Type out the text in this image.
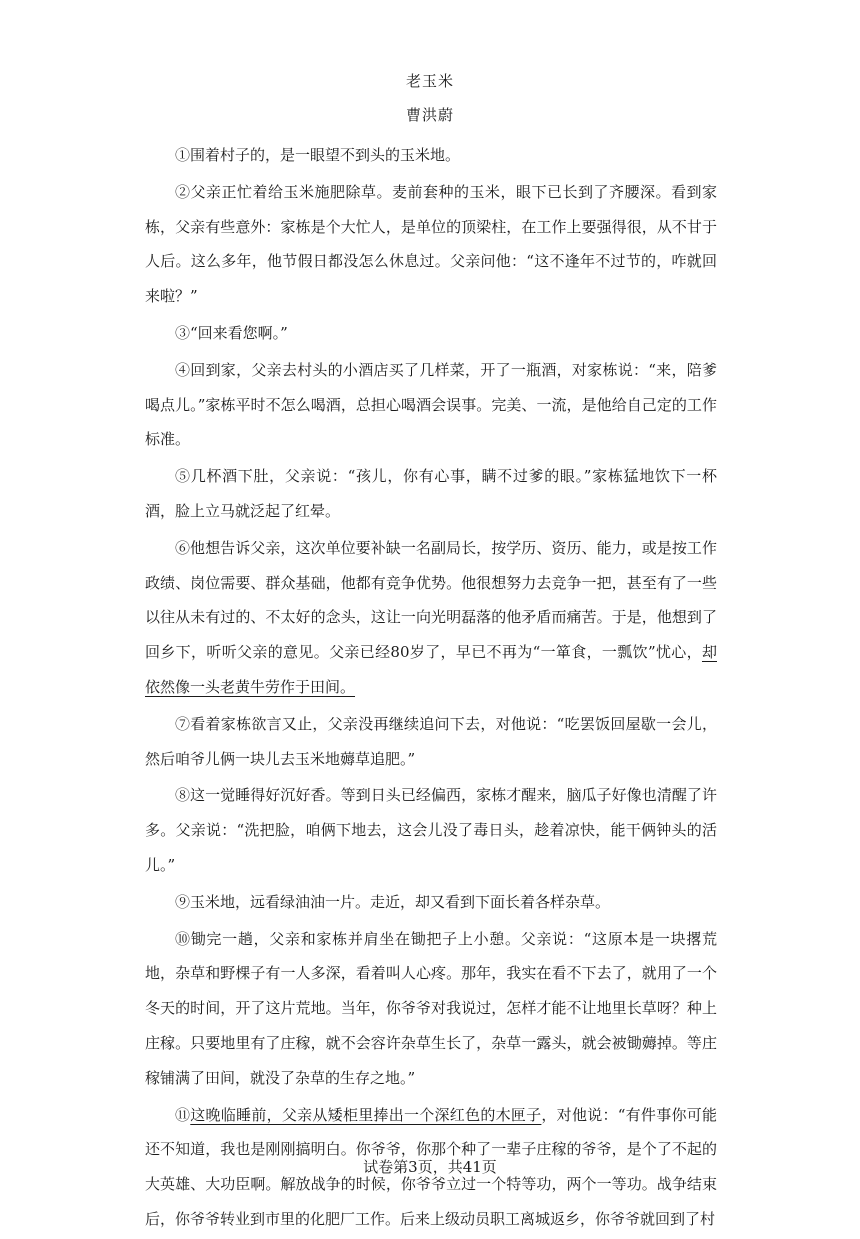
老玉米
曹洪蔚

①围着村子的，是一眼望不到头的玉米地。

②父亲正忙着给玉米施肥除草。麦前套种的玉米，眼下已长到了齐腰深。看到家栋，父亲有些意外：家栋是个大忙人，是单位的顶梁柱，在工作上要强得很，从不甘于人后。这么多年，他节假日都没怎么休息过。父亲问他：“这不逢年不过节的，咋就回来啦？”

③“回来看您啊。”

④回到家，父亲去村头的小酒店买了几样菜，开了一瓶酒，对家栋说：“来，陪爹喝点儿。”家栋平时不怎么喝酒，总担心喝酒会误事。完美、一流，是他给自己定的工作标准。

⑤几杯酒下肚，父亲说：“孩儿，你有心事，瞒不过爹的眼。”家栋猛地饮下一杯酒，脸上立马就泛起了红晕。

⑥他想告诉父亲，这次单位要补缺一名副局长，按学历、资历、能力，或是按工作政绩、岗位需要、群众基础，他都有竞争优势。他很想努力去竞争一把，甚至有了一些以往从未有过的、不太好的念头，这让一向光明磊落的他矛盾而痛苦。于是，他想到了回乡下，听听父亲的意见。父亲已经80岁了，早已不再为“一箪食，一瓢饮”忧心，却依然像一头老黄牛劳作于田间。

⑦看着家栋欲言又止，父亲没再继续追问下去，对他说：“吃罢饭回屋歇一会儿，然后咱爷儿俩一块儿去玉米地薅草追肥。”

⑧这一觉睡得好沉好香。等到日头已经偏西，家栋才醒来，脑瓜子好像也清醒了许多。父亲说：“洗把脸，咱俩下地去，这会儿没了毒日头，趁着凉快，能干俩钟头的活儿。”

⑨玉米地，远看绿油油一片。走近，却又看到下面长着各样杂草。

⑩锄完一趟，父亲和家栋并肩坐在锄把子上小憩。父亲说：“这原本是一块撂荒地，杂草和野棵子有一人多深，看着叫人心疼。那年，我实在看不下去了，就用了一个冬天的时间，开了这片荒地。当年，你爷爷对我说过，怎样才能不让地里长草呀？种上庄稼。只要地里有了庄稼，就不会容许杂草生长了，杂草一露头，就会被锄薅掉。等庄稼铺满了田间，就没了杂草的生存之地。”

⑪这晚临睡前，父亲从矮柜里捧出一个深红色的木匣子，对他说：“有件事你可能还不知道，我也是刚刚搞明白。你爷爷，你那个种了一辈子庄稼的爷爷，是个了不起的大英雄、大功臣啊。解放战争的时候，你爷爷立过一个特等功，两个一等功。战争结束后，你爷爷转业到市里的化肥厂工作。后来上级动员职工离城返乡，你爷爷就回到了村

试卷第3页，共41页
